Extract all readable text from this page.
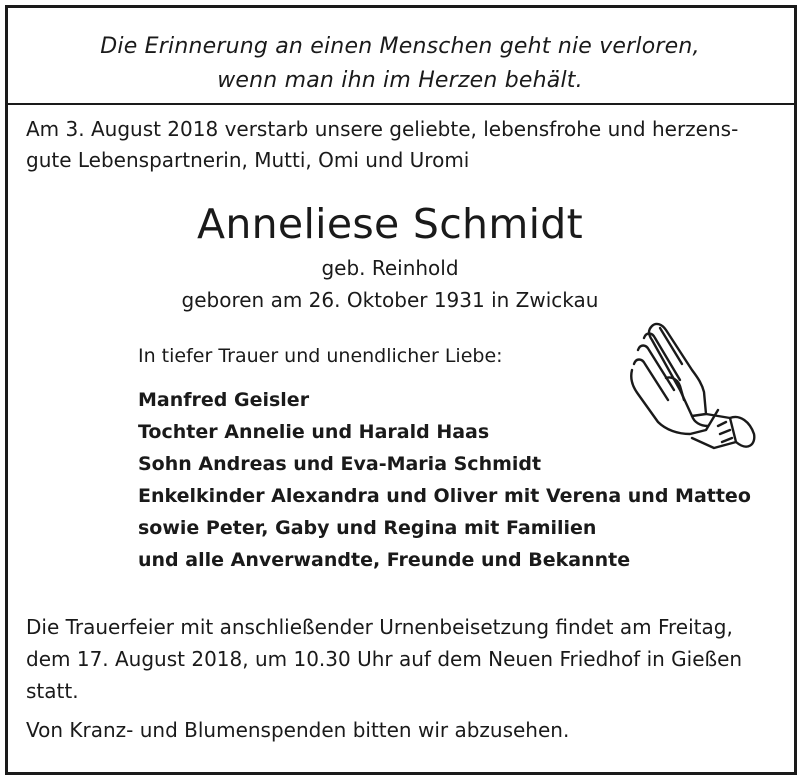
Die Erinnerung an einen Menschen geht nie verloren,
wenn man ihn im Herzen behält.
Am 3. August 2018 verstarb unsere geliebte, lebensfrohe und herzens-
gute Lebenspartnerin, Mutti, Omi und Uromi
Anneliese Schmidt
geb. Reinhold
geboren am 26. Oktober 1931 in Zwickau
In tiefer Trauer und unendlicher Liebe:
Manfred Geisler
Tochter Annelie und Harald Haas
Sohn Andreas und Eva-Maria Schmidt
Enkelkinder Alexandra und Oliver mit Verena und Matteo
sowie Peter, Gaby und Regina mit Familien
und alle Anverwandte, Freunde und Bekannte
Die Trauerfeier mit anschließender Urnenbeisetzung findet am Freitag,
dem 17. August 2018, um 10.30 Uhr auf dem Neuen Friedhof in Gießen
statt.
Von Kranz- und Blumenspenden bitten wir abzusehen.
